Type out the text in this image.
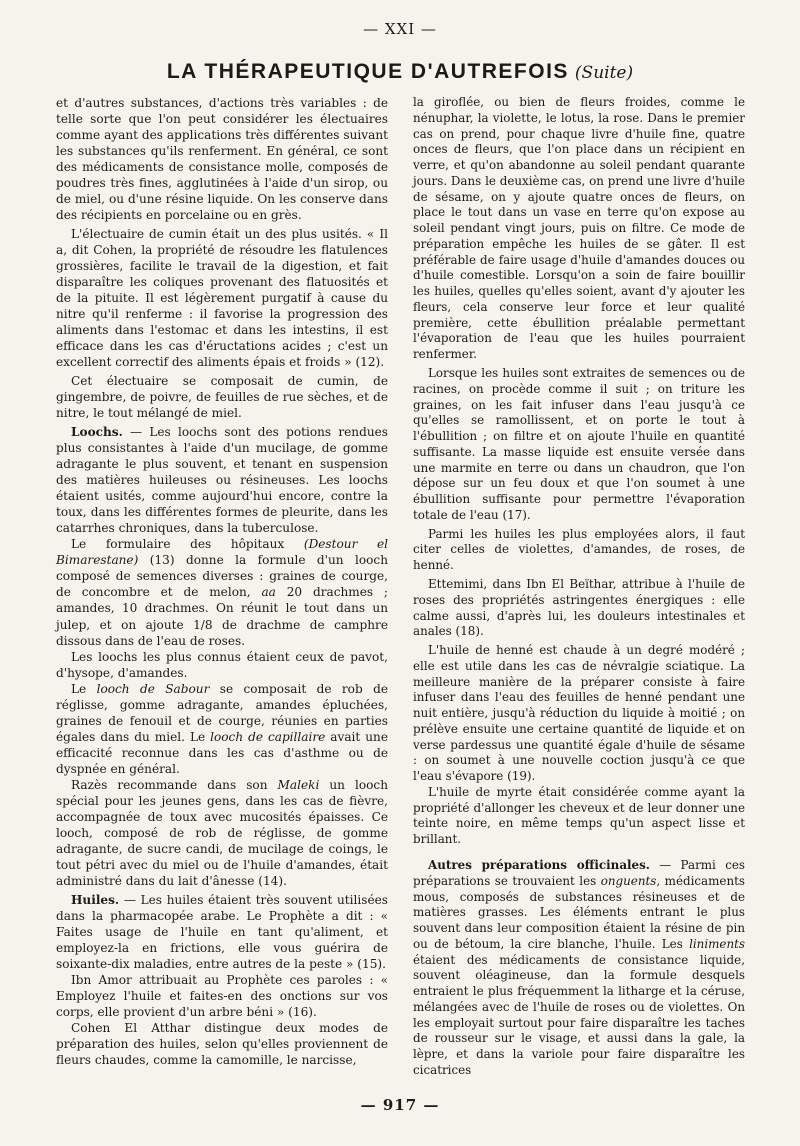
— XXI —
LA THÉRAPEUTIQUE D'AUTREFOIS (Suite)

et d'autres substances, d'actions très variables : de telle sorte que l'on peut considérer les électuaires comme ayant des applications très différentes suivant les substances qu'ils renferment. En général, ce sont des médicaments de consistance molle, composés de poudres très fines, agglutinées à l'aide d'un sirop, ou de miel, ou d'une résine liquide. On les conserve dans des récipients en porcelaine ou en grès.

L'électuaire de cumin était un des plus usités. « Il a, dit Cohen, la propriété de résoudre les flatulences grossières, facilite le travail de la digestion, et fait disparaître les coliques provenant des flatuosités et de la pituite. Il est légèrement purgatif à cause du nitre qu'il renferme : il favorise la progression des aliments dans l'estomac et dans les intestins, il est efficace dans les cas d'éructations acides ; c'est un excellent correctif des aliments épais et froids » (12).

Cet électuaire se composait de cumin, de gingembre, de poivre, de feuilles de rue sèches, et de nitre, le tout mélangé de miel.

Loochs. — Les loochs sont des potions rendues plus consistantes à l'aide d'un mucilage, de gomme adragante le plus souvent, et tenant en suspension des matières huileuses ou résineuses. Les loochs étaient usités, comme aujourd'hui encore, contre la toux, dans les différentes formes de pleurite, dans les catarrhes chroniques, dans la tuberculose.

Le formulaire des hôpitaux (Destour el Bimarestane) (13) donne la formule d'un looch composé de semences diverses : graines de courge, de concombre et de melon, aa 20 drachmes ; amandes, 10 drachmes. On réunit le tout dans un julep, et on ajoute 1/8 de drachme de camphre dissous dans de l'eau de roses.

Les loochs les plus connus étaient ceux de pavot, d'hysope, d'amandes.

Le looch de Sabour se composait de rob de réglisse, gomme adragante, amandes épluchées, graines de fenouil et de courge, réunies en parties égales dans du miel. Le looch de capillaire avait une efficacité reconnue dans les cas d'asthme ou de dyspnée en général.

Razès recommande dans son Maleki un looch spécial pour les jeunes gens, dans les cas de fièvre, accompagnée de toux avec mucosités épaisses. Ce looch, composé de rob de réglisse, de gomme adragante, de sucre candi, de mucilage de coings, le tout pétri avec du miel ou de l'huile d'amandes, était administré dans du lait d'ânesse (14).

Huiles. — Les huiles étaient très souvent utilisées dans la pharmacopée arabe. Le Prophète a dit : « Faites usage de l'huile en tant qu'aliment, et employez-la en frictions, elle vous guérira de soixante-dix maladies, entre autres de la peste » (15).

Ibn Amor attribuait au Prophète ces paroles : « Employez l'huile et faites-en des onctions sur vos corps, elle provient d'un arbre béni » (16).

Cohen El Atthar distingue deux modes de préparation des huiles, selon qu'elles proviennent de fleurs chaudes, comme la camomille, le narcisse,

la giroflée, ou bien de fleurs froides, comme le nénuphar, la violette, le lotus, la rose. Dans le premier cas on prend, pour chaque livre d'huile fine, quatre onces de fleurs, que l'on place dans un récipient en verre, et qu'on abandonne au soleil pendant quarante jours. Dans le deuxième cas, on prend une livre d'huile de sésame, on y ajoute quatre onces de fleurs, on place le tout dans un vase en terre qu'on expose au soleil pendant vingt jours, puis on filtre. Ce mode de préparation empêche les huiles de se gâter. Il est préférable de faire usage d'huile d'amandes douces ou d'huile comestible. Lorsqu'on a soin de faire bouillir les huiles, quelles qu'elles soient, avant d'y ajouter les fleurs, cela conserve leur force et leur qualité première, cette ébullition préalable permettant l'évaporation de l'eau que les huiles pourraient renfermer.

Lorsque les huiles sont extraites de semences ou de racines, on procède comme il suit ; on triture les graines, on les fait infuser dans l'eau jusqu'à ce qu'elles se ramollissent, et on porte le tout à l'ébullition ; on filtre et on ajoute l'huile en quantité suffisante. La masse liquide est ensuite versée dans une marmite en terre ou dans un chaudron, que l'on dépose sur un feu doux et que l'on soumet à une ébullition suffisante pour permettre l'évaporation totale de l'eau (17).

Parmi les huiles les plus employées alors, il faut citer celles de violettes, d'amandes, de roses, de henné.

Ettemimi, dans Ibn El Beïthar, attribue à l'huile de roses des propriétés astringentes énergiques : elle calme aussi, d'après lui, les douleurs intestinales et anales (18).

L'huile de henné est chaude à un degré modéré ; elle est utile dans les cas de névralgie sciatique. La meilleure manière de la préparer consiste à faire infuser dans l'eau des feuilles de henné pendant une nuit entière, jusqu'à réduction du liquide à moitié ; on prélève ensuite une certaine quantité de liquide et on verse pardessus une quantité égale d'huile de sésame : on soumet à une nouvelle coction jusqu'à ce que l'eau s'évapore (19).

L'huile de myrte était considérée comme ayant la propriété d'allonger les cheveux et de leur donner une teinte noire, en même temps qu'un aspect lisse et brillant.

Autres préparations officinales. — Parmi ces préparations se trouvaient les onguents, médicaments mous, composés de substances résineuses et de matières grasses. Les éléments entrant le plus souvent dans leur composition étaient la résine de pin ou de bétoum, la cire blanche, l'huile. Les liniments étaient des médicaments de consistance liquide, souvent oléagineuse, dan la formule desquels entraient le plus fréquemment la litharge et la céruse, mélangées avec de l'huile de roses ou de violettes. On les employait surtout pour faire disparaître les taches de rousseur sur le visage, et aussi dans la gale, la lèpre, et dans la variole pour faire disparaître les cicatrices

— 917 —
